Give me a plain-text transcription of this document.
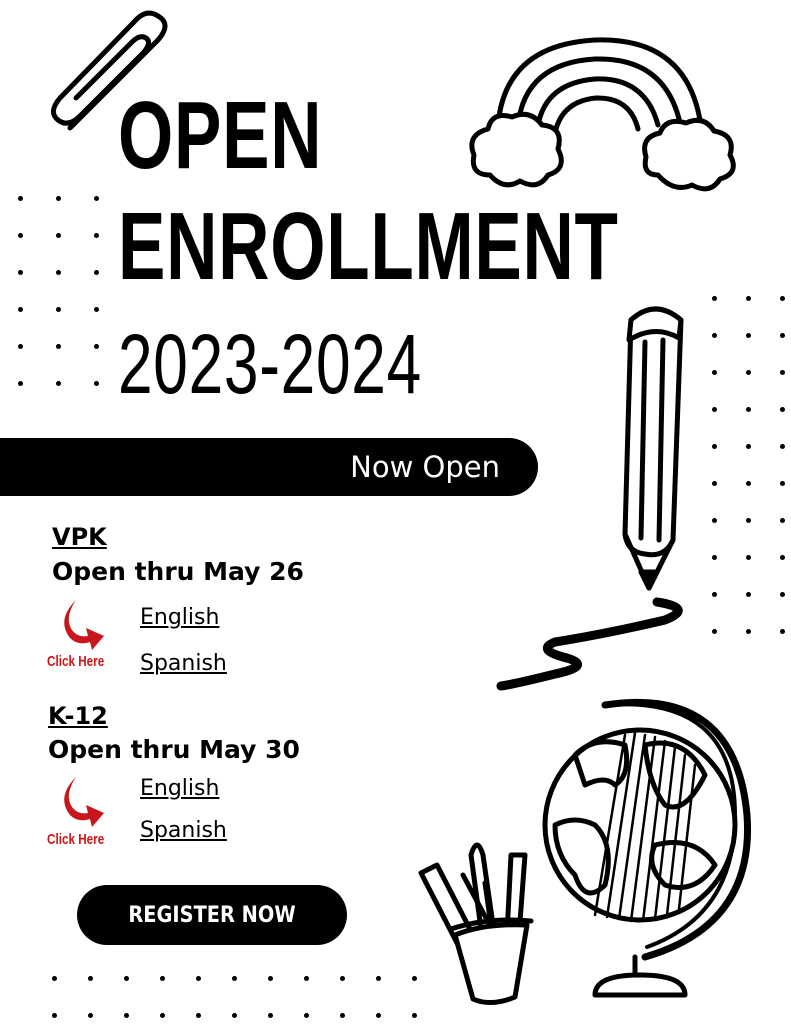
OPEN
ENROLLMENT
2023-2024
Now Open
VPK
Open thru May 26
Click Here
English
Spanish
K-12
Open thru May 30
Click Here
English
Spanish
REGISTER NOW
